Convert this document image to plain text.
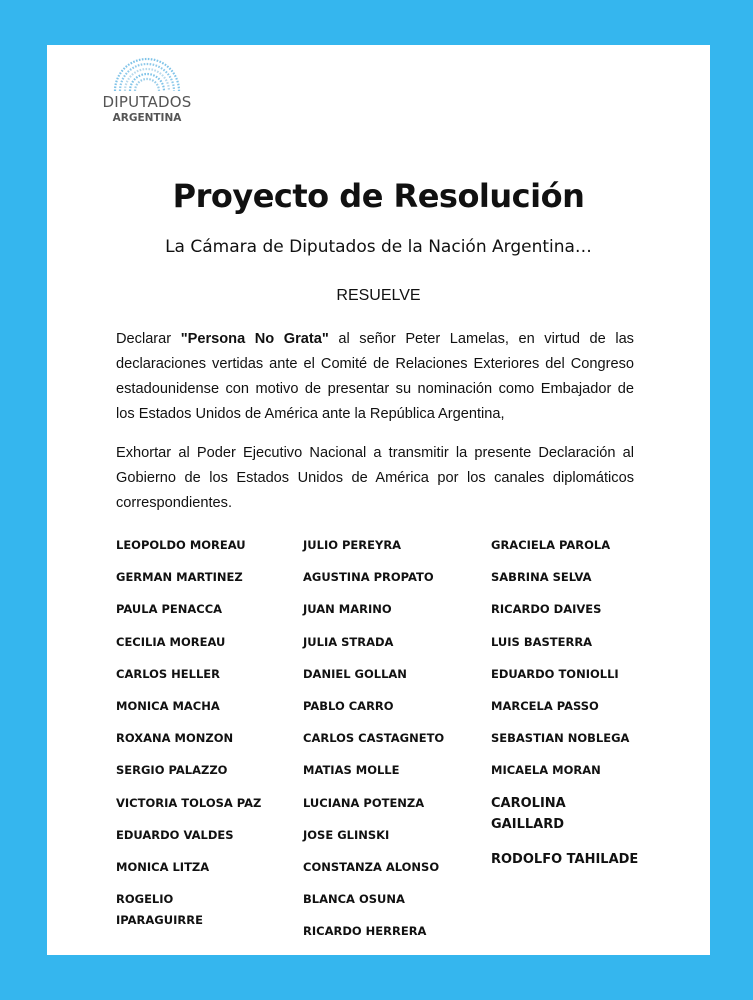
DIPUTADOS
ARGENTINA
Proyecto de Resolución
La Cámara de Diputados de la Nación Argentina…
RESUELVE
Declarar "Persona No Grata" al señor Peter Lamelas, en virtud de las declaraciones vertidas ante el Comité de Relaciones Exteriores del Congreso estadounidense con motivo de presentar su nominación como Embajador de los Estados Unidos de América ante la República Argentina,
Exhortar al Poder Ejecutivo Nacional a transmitir la presente Declaración al Gobierno de los Estados Unidos de América por los canales diplomáticos correspondientes.
LEOPOLDO MOREAU
GERMAN MARTINEZ
PAULA PENACCA
CECILIA MOREAU
CARLOS HELLER
MONICA MACHA
ROXANA MONZON
SERGIO PALAZZO
VICTORIA TOLOSA PAZ
EDUARDO VALDES
MONICA LITZA
ROGELIO
IPARAGUIRRE
JULIO PEREYRA
AGUSTINA PROPATO
JUAN MARINO
JULIA STRADA
DANIEL GOLLAN
PABLO CARRO
CARLOS CASTAGNETO
MATIAS MOLLE
LUCIANA POTENZA
JOSE GLINSKI
CONSTANZA ALONSO
BLANCA OSUNA
RICARDO HERRERA
GRACIELA PAROLA
SABRINA SELVA
RICARDO DAIVES
LUIS BASTERRA
EDUARDO TONIOLLI
MARCELA PASSO
SEBASTIAN NOBLEGA
MICAELA MORAN
CAROLINA
GAILLARD
RODOLFO TAHILADE
